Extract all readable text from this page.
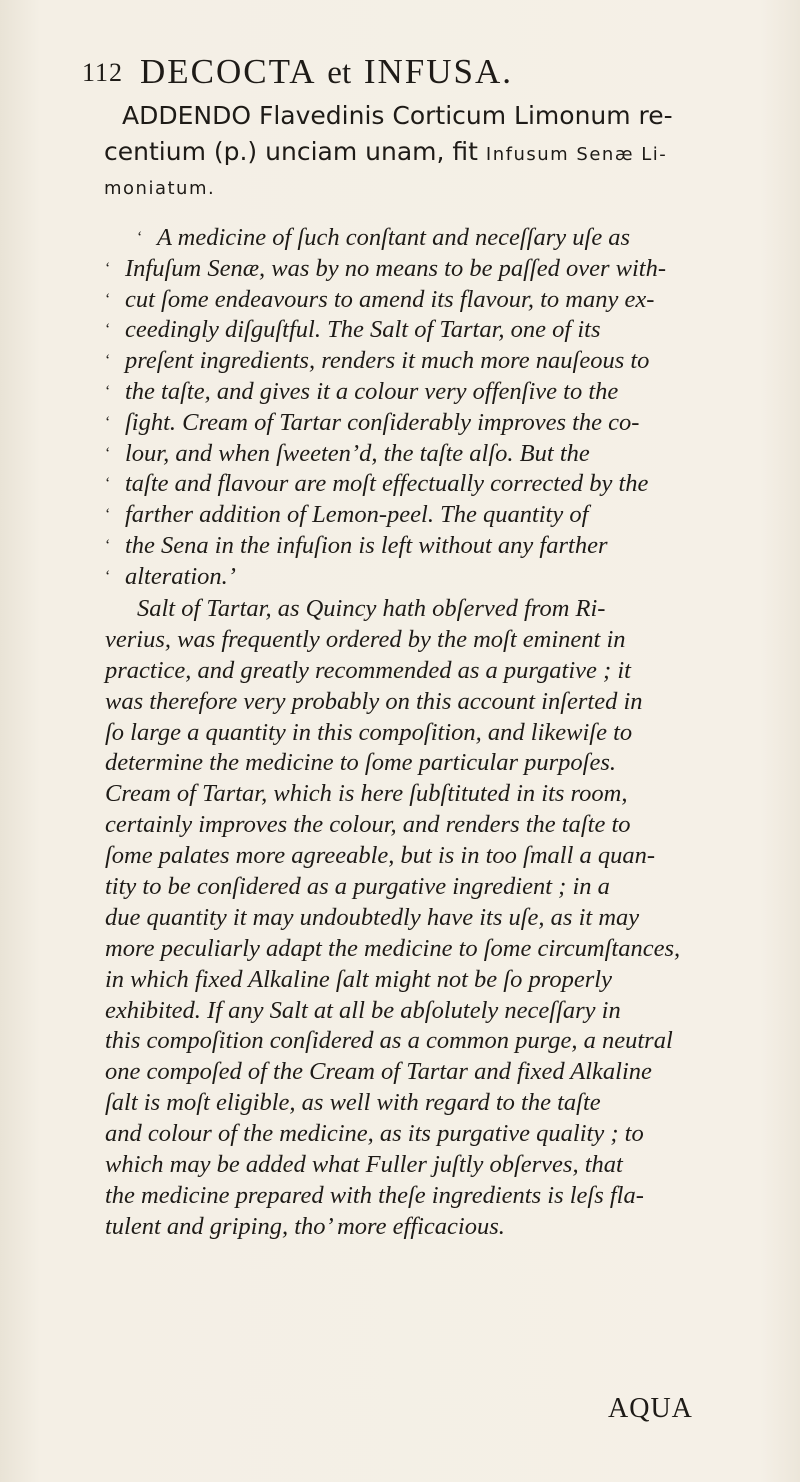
112 DECOCTA et INFUSA.
ADDENDO Flavedinis Corticum Limonum re-
centium (p.) unciam unam, fit Infusum Senæ Li-
moniatum.
‘ A medicine of ſuch conſtant and neceſſary uſe as
‘ Infuſum Senæ, was by no means to be paſſed over with-
‘ cut ſome endeavours to amend its flavour, to many ex-
‘ ceedingly diſguſtful. The Salt of Tartar, one of its
‘ preſent ingredients, renders it much more nauſeous to
‘ the taſte, and gives it a colour very offenſive to the
‘ ſight. Cream of Tartar conſiderably improves the co-
‘ lour, and when ſweeten’d, the taſte alſo. But the
‘ taſte and flavour are moſt effectually corrected by the
‘ farther addition of Lemon-peel. The quantity of
‘ the Sena in the infuſion is left without any farther
‘ alteration.’
Salt of Tartar, as Quincy hath obſerved from Ri-
verius, was frequently ordered by the moſt eminent in
practice, and greatly recommended as a purgative ; it
was therefore very probably on this account inſerted in
ſo large a quantity in this compoſition, and likewiſe to
determine the medicine to ſome particular purpoſes.
Cream of Tartar, which is here ſubſtituted in its room,
certainly improves the colour, and renders the taſte to
ſome palates more agreeable, but is in too ſmall a quan-
tity to be conſidered as a purgative ingredient ; in a
due quantity it may undoubtedly have its uſe, as it may
more peculiarly adapt the medicine to ſome circumſtances,
in which fixed Alkaline ſalt might not be ſo properly
exhibited. If any Salt at all be abſolutely neceſſary in
this compoſition conſidered as a common purge, a neutral
one compoſed of the Cream of Tartar and fixed Alkaline
ſalt is moſt eligible, as well with regard to the taſte
and colour of the medicine, as its purgative quality ; to
which may be added what Fuller juſtly obſerves, that
the medicine prepared with theſe ingredients is leſs fla-
tulent and griping, tho’ more efficacious.
AQUA
